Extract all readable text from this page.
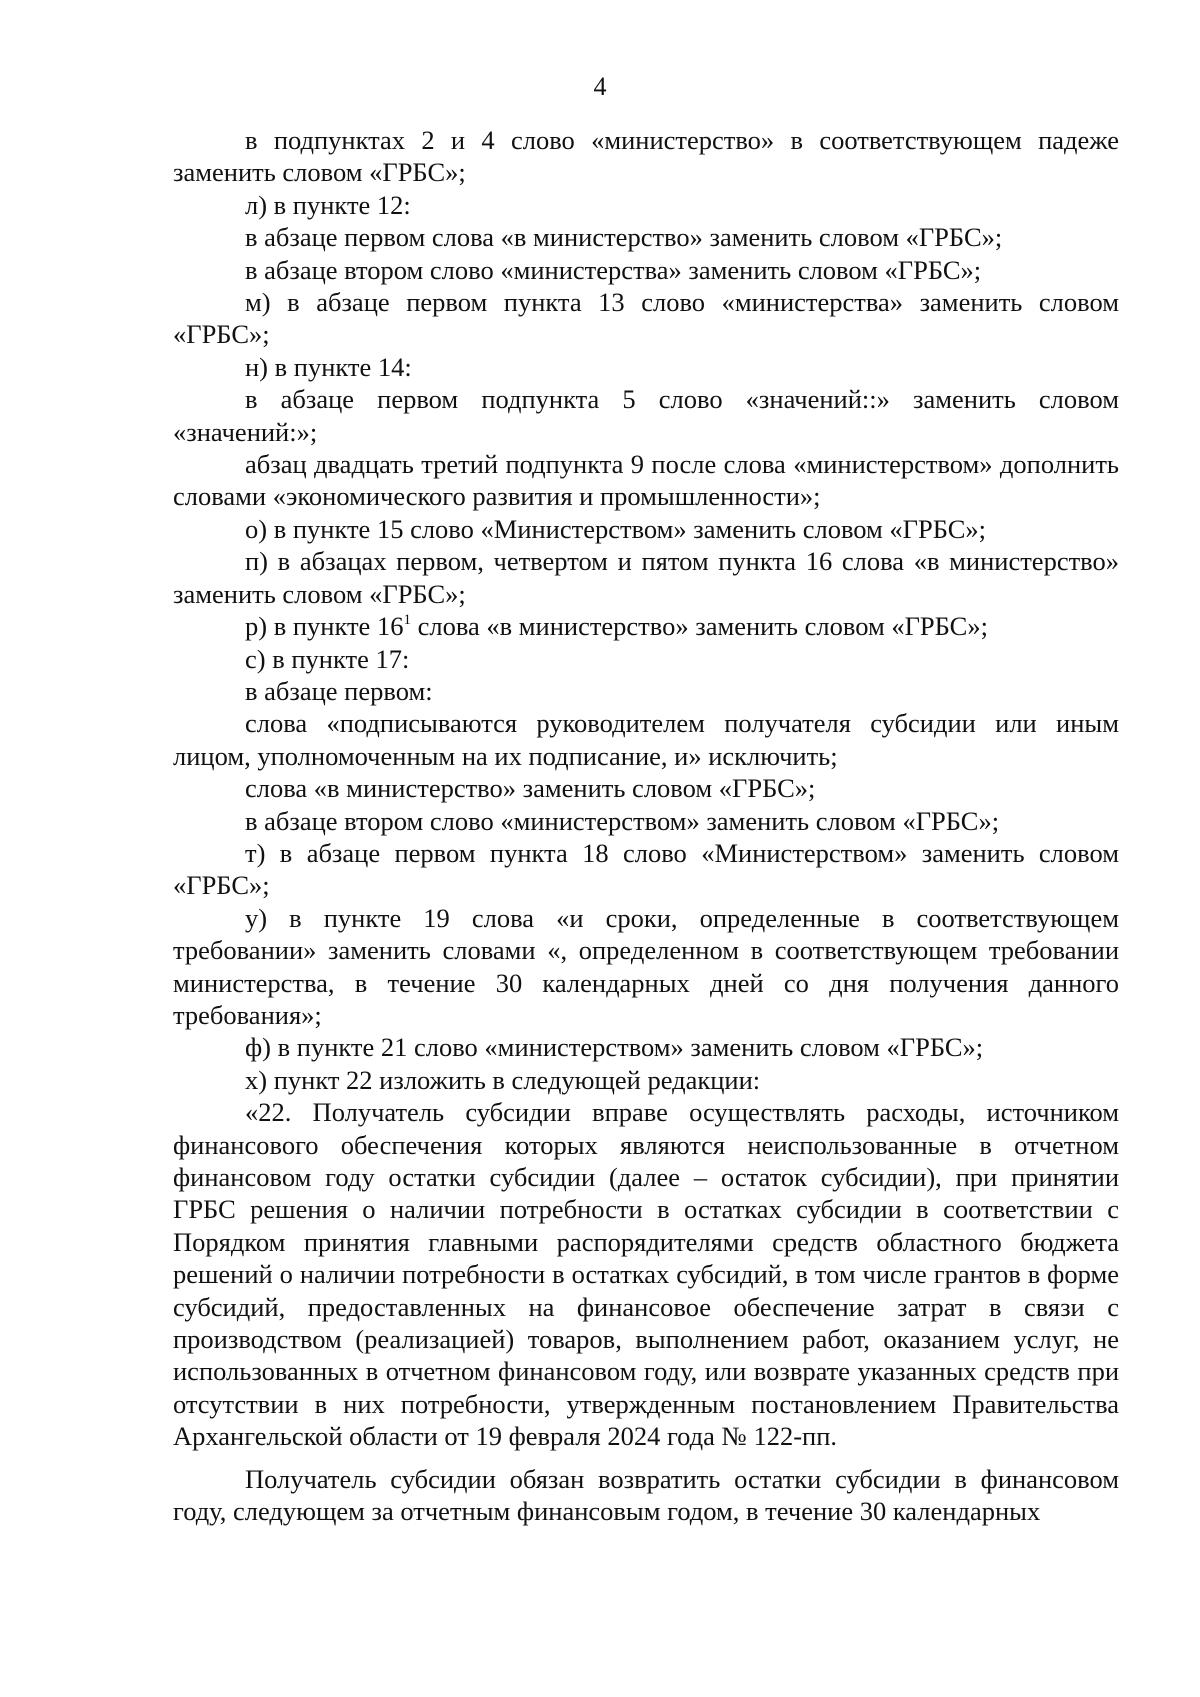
4

в подпунктах 2 и 4 слово «министерство» в соответствующем падеже заменить словом «ГРБС»;

л) в пункте 12:

в абзаце первом слова «в министерство» заменить словом «ГРБС»;

в абзаце втором слово «министерства» заменить словом «ГРБС»;

м) в абзаце первом пункта 13 слово «министерства» заменить словом «ГРБС»;

н) в пункте 14:

в абзаце первом подпункта 5 слово «значений::» заменить словом «значений:»;

абзац двадцать третий подпункта 9 после слова «министерством» дополнить словами «экономического развития и промышленности»;

о) в пункте 15 слово «Министерством» заменить словом «ГРБС»;

п) в абзацах первом, четвертом и пятом пункта 16 слова «в министерство» заменить словом «ГРБС»;

р) в пункте $16^1$ слова «в министерство» заменить словом «ГРБС»;

с) в пункте 17:

в абзаце первом:

слова «подписываются руководителем получателя субсидии или иным лицом, уполномоченным на их подписание, и» исключить;

слова «в министерство» заменить словом «ГРБС»;

в абзаце втором слово «министерством» заменить словом «ГРБС»;

т) в абзаце первом пункта 18 слово «Министерством» заменить словом «ГРБС»;

у) в пункте 19 слова «и сроки, определенные в соответствующем требовании» заменить словами «, определенном в соответствующем требовании министерства, в течение 30 календарных дней со дня получения данного требования»;

ф) в пункте 21 слово «министерством» заменить словом «ГРБС»;

х) пункт 22 изложить в следующей редакции:

«22. Получатель субсидии вправе осуществлять расходы, источником финансового обеспечения которых являются неиспользованные в отчетном финансовом году остатки субсидии (далее – остаток субсидии), при принятии ГРБС решения о наличии потребности в остатках субсидии в соответствии с Порядком принятия главными распорядителями средств областного бюджета решений о наличии потребности в остатках субсидий, в том числе грантов в форме субсидий, предоставленных на финансовое обеспечение затрат в связи с производством (реализацией) товаров, выполнением работ, оказанием услуг, не использованных в отчетном финансовом году, или возврате указанных средств при отсутствии в них потребности, утвержденным постановлением Правительства Архангельской области от 19 февраля 2024 года № 122-пп.

Получатель субсидии обязан возвратить остатки субсидии в финансовом году, следующем за отчетным финансовым годом, в течение 30 календарных
